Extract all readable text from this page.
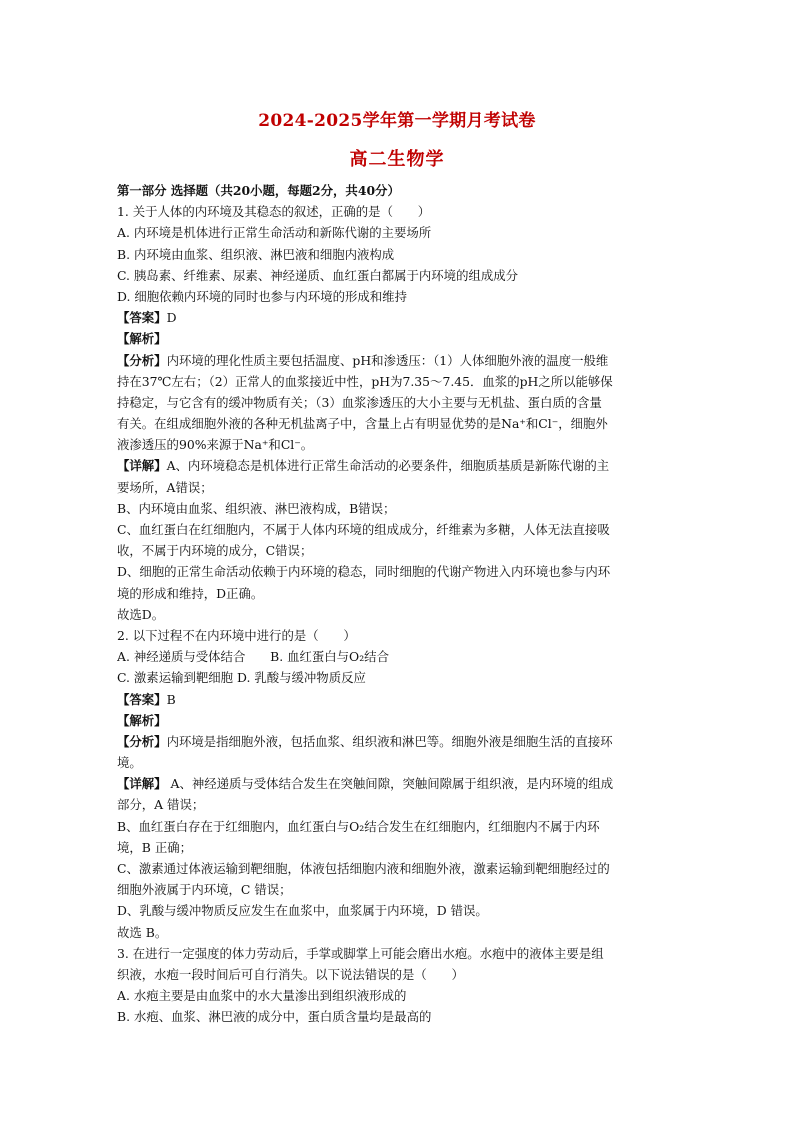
2024-2025学年第一学期月考试卷
高二生物学
第一部分 选择题（共20小题，每题2分，共40分）
1. 关于人体的内环境及其稳态的叙述，正确的是（　　）
A. 内环境是机体进行正常生命活动和新陈代谢的主要场所
B. 内环境由血浆、组织液、淋巴液和细胞内液构成
C. 胰岛素、纤维素、尿素、神经递质、血红蛋白都属于内环境的组成成分
D. 细胞依赖内环境的同时也参与内环境的形成和维持
【答案】D
【解析】
【分析】内环境的理化性质主要包括温度、pH和渗透压：（1）人体细胞外液的温度一般维
持在37℃左右；（2）正常人的血浆接近中性，pH为7.35～7.45．血浆的pH之所以能够保
持稳定，与它含有的缓冲物质有关；（3）血浆渗透压的大小主要与无机盐、蛋白质的含量
有关。在组成细胞外液的各种无机盐离子中，含量上占有明显优势的是Na⁺和Cl⁻，细胞外
液渗透压的90%来源于Na⁺和Cl⁻。
【详解】A、内环境稳态是机体进行正常生命活动的必要条件，细胞质基质是新陈代谢的主
要场所，A错误；
B、内环境由血浆、组织液、淋巴液构成，B错误；
C、血红蛋白在红细胞内，不属于人体内环境的组成成分，纤维素为多糖，人体无法直接吸
收，不属于内环境的成分，C错误；
D、细胞的正常生命活动依赖于内环境的稳态，同时细胞的代谢产物进入内环境也参与内环
境的形成和维持，D正确。
故选D。
2. 以下过程不在内环境中进行的是（　　）
A. 神经递质与受体结合　　B. 血红蛋白与O₂结合
C. 激素运输到靶细胞 D. 乳酸与缓冲物质反应
【答案】B
【解析】
【分析】内环境是指细胞外液，包括血浆、组织液和淋巴等。细胞外液是细胞生活的直接环
境。
【详解】 A、神经递质与受体结合发生在突触间隙，突触间隙属于组织液，是内环境的组成
部分，A 错误；
B、血红蛋白存在于红细胞内，血红蛋白与O₂结合发生在红细胞内，红细胞内不属于内环
境，B 正确；
C、激素通过体液运输到靶细胞，体液包括细胞内液和细胞外液，激素运输到靶细胞经过的
细胞外液属于内环境，C 错误；
D、乳酸与缓冲物质反应发生在血浆中，血浆属于内环境，D 错误。
故选 B。
3. 在进行一定强度的体力劳动后，手掌或脚掌上可能会磨出水疱。水疱中的液体主要是组
织液，水疱一段时间后可自行消失。以下说法错误的是（　　）
A. 水疱主要是由血浆中的水大量渗出到组织液形成的
B. 水疱、血浆、淋巴液的成分中，蛋白质含量均是最高的
